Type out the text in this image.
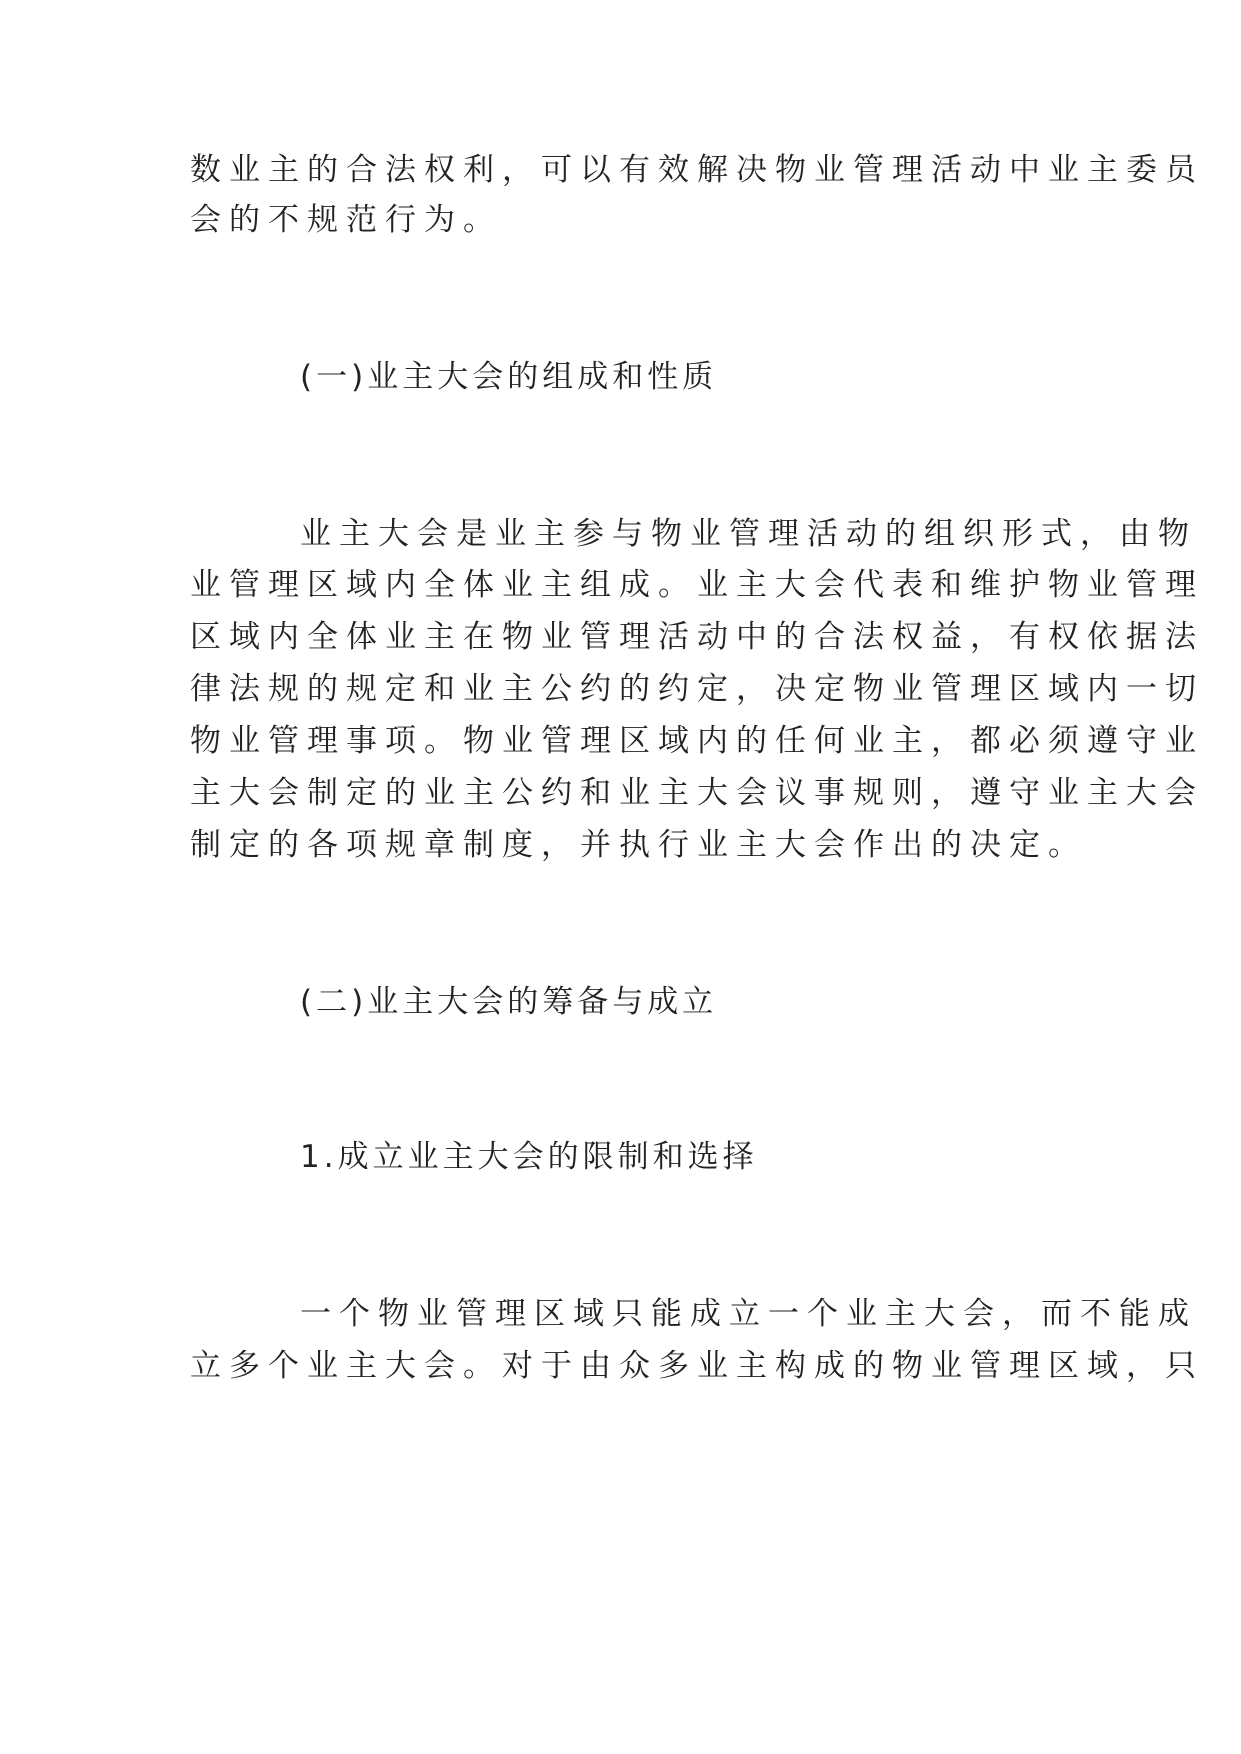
数业主的合法权利，可以有效解决物业管理活动中业主委员
会的不规范行为。
(一)业主大会的组成和性质
业主大会是业主参与物业管理活动的组织形式，由物
业管理区域内全体业主组成。业主大会代表和维护物业管理
区域内全体业主在物业管理活动中的合法权益，有权依据法
律法规的规定和业主公约的约定，决定物业管理区域内一切
物业管理事项。物业管理区域内的任何业主，都必须遵守业
主大会制定的业主公约和业主大会议事规则，遵守业主大会
制定的各项规章制度，并执行业主大会作出的决定。
(二)业主大会的筹备与成立
1.成立业主大会的限制和选择
一个物业管理区域只能成立一个业主大会，而不能成
立多个业主大会。对于由众多业主构成的物业管理区域，只
